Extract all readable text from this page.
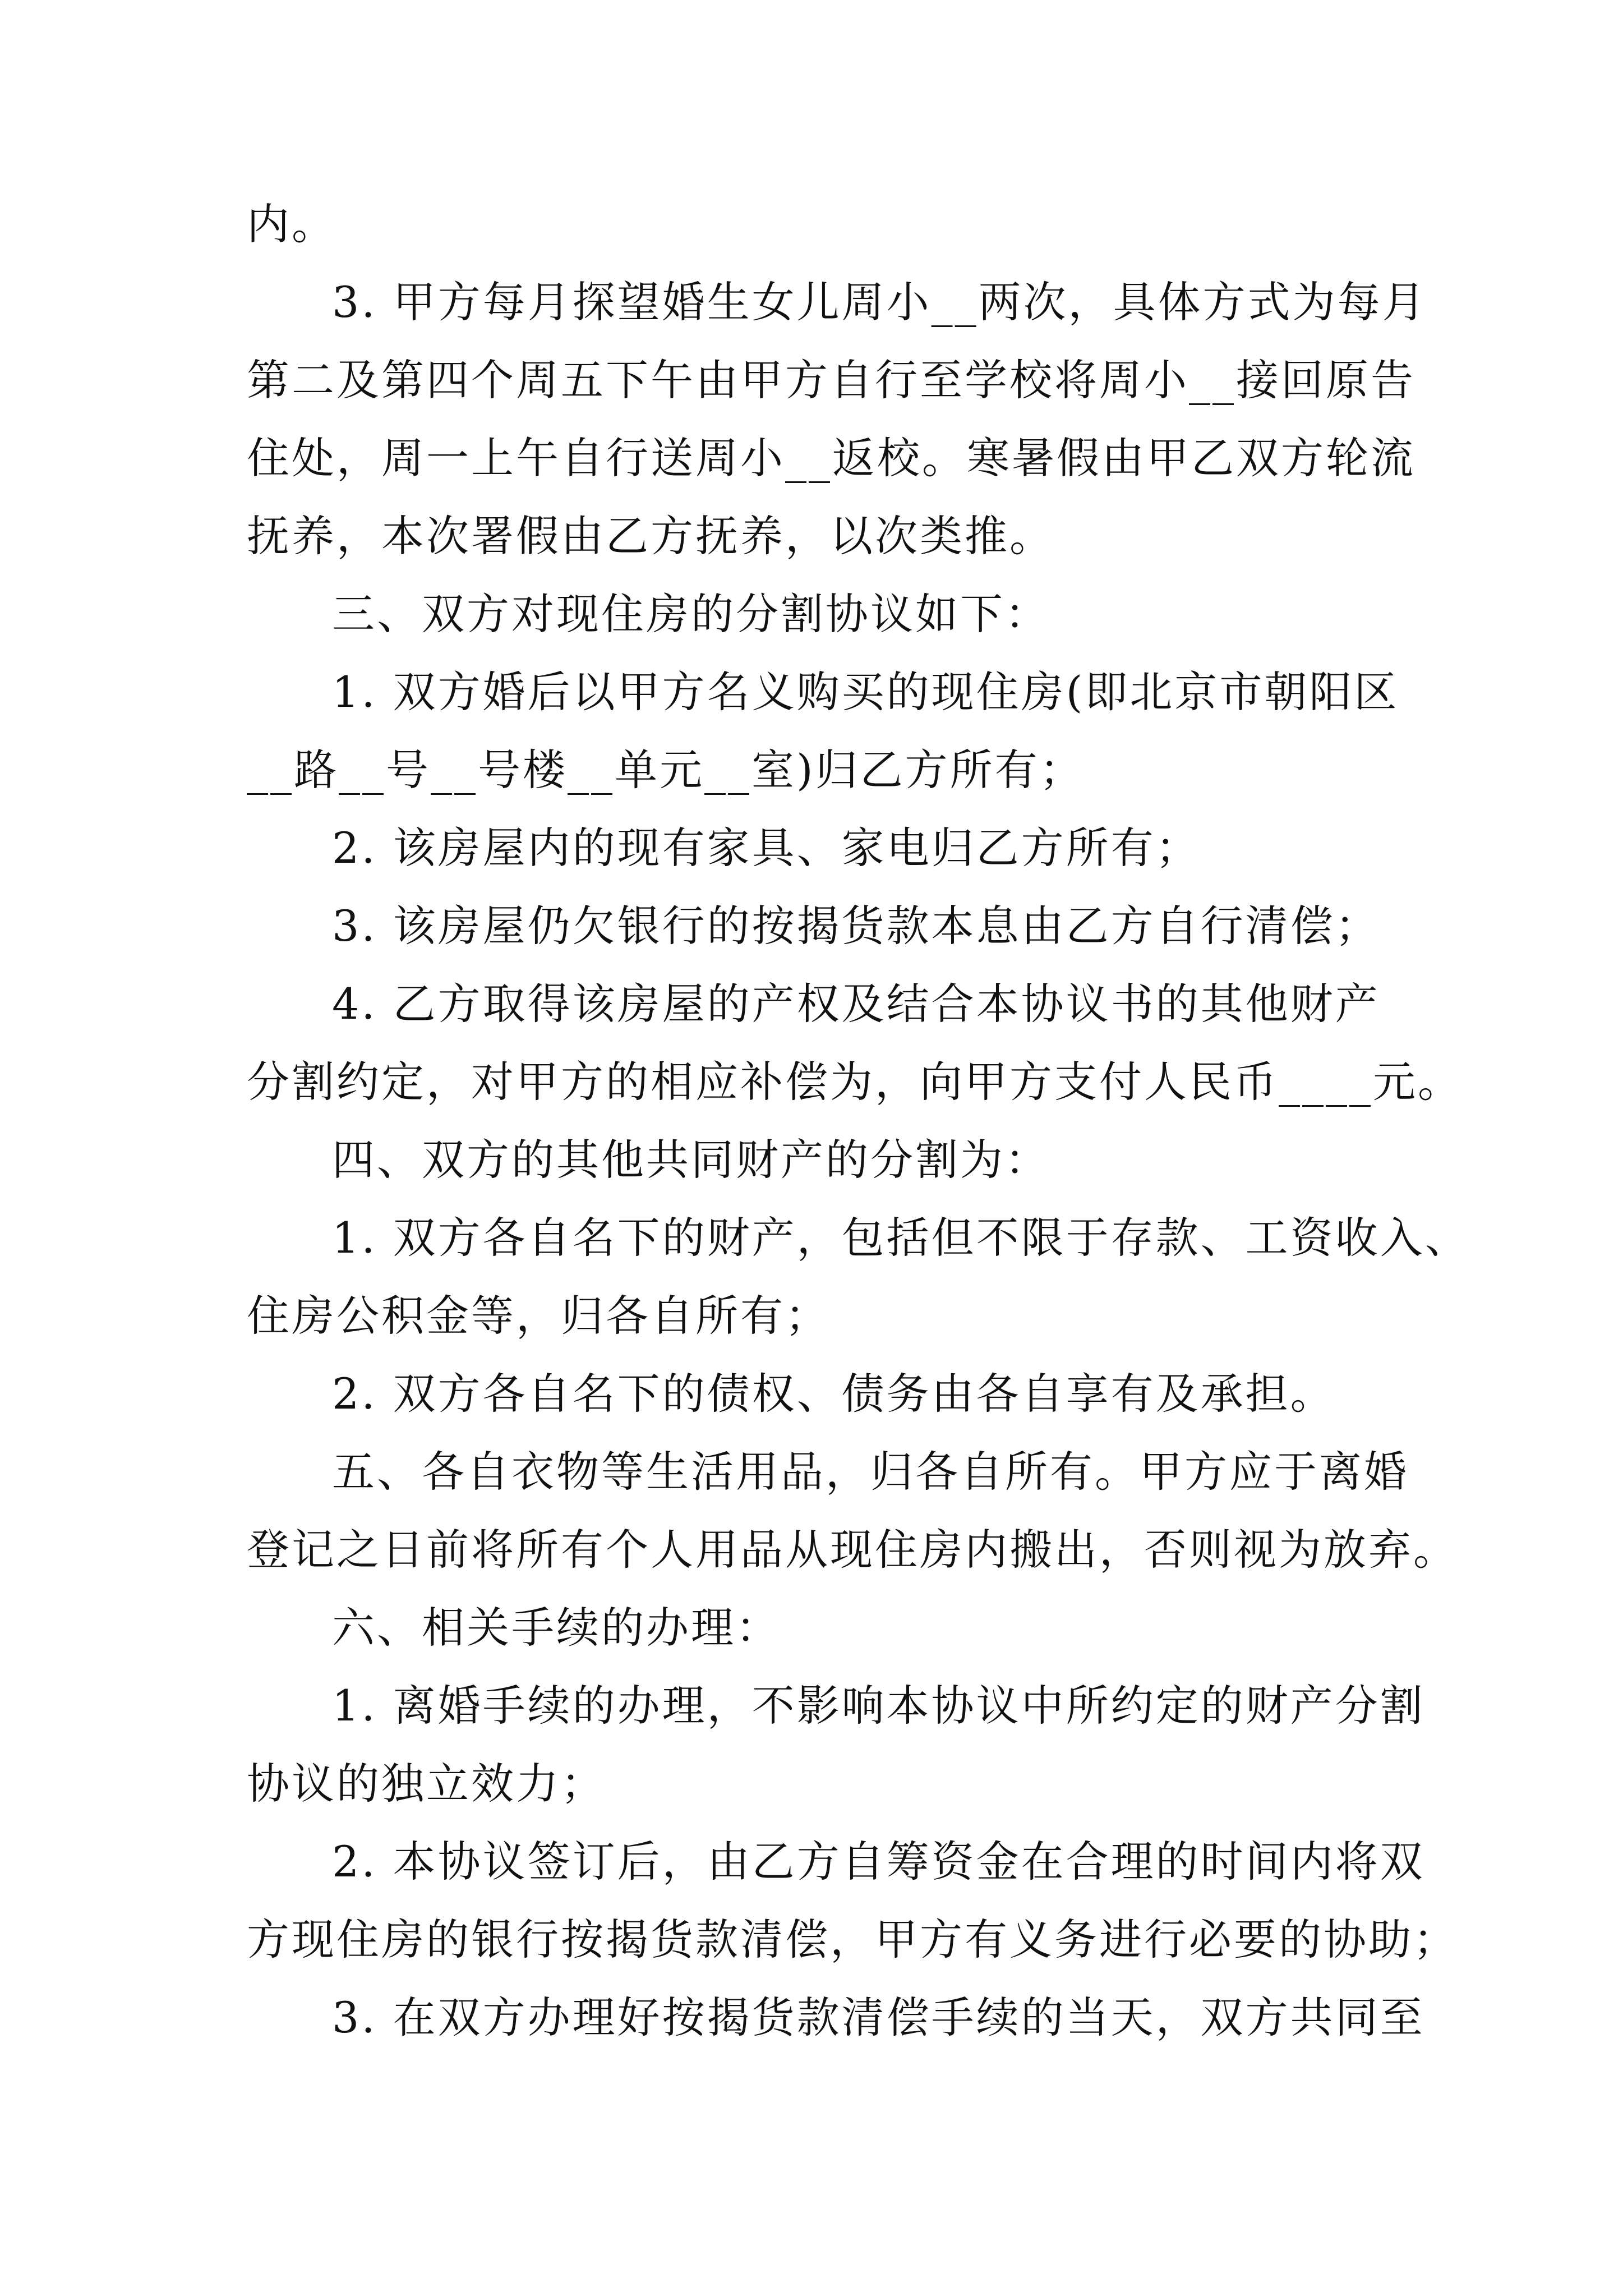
内。
3. 甲方每月探望婚生女儿周小__两次，具体方式为每月
第二及第四个周五下午由甲方自行至学校将周小__接回原告
住处，周一上午自行送周小__返校。寒暑假由甲乙双方轮流
抚养，本次署假由乙方抚养，以次类推。
三、双方对现住房的分割协议如下：
1. 双方婚后以甲方名义购买的现住房(即北京市朝阳区
__路__号__号楼__单元__室)归乙方所有；
2. 该房屋内的现有家具、家电归乙方所有；
3. 该房屋仍欠银行的按揭货款本息由乙方自行清偿；
4. 乙方取得该房屋的产权及结合本协议书的其他财产
分割约定，对甲方的相应补偿为，向甲方支付人民币____元。
四、双方的其他共同财产的分割为：
1. 双方各自名下的财产，包括但不限于存款、工资收入、
住房公积金等，归各自所有；
2. 双方各自名下的债权、债务由各自享有及承担。
五、各自衣物等生活用品，归各自所有。甲方应于离婚
登记之日前将所有个人用品从现住房内搬出，否则视为放弃。
六、相关手续的办理：
1. 离婚手续的办理，不影响本协议中所约定的财产分割
协议的独立效力；
2. 本协议签订后，由乙方自筹资金在合理的时间内将双
方现住房的银行按揭货款清偿，甲方有义务进行必要的协助；
3. 在双方办理好按揭货款清偿手续的当天，双方共同至
